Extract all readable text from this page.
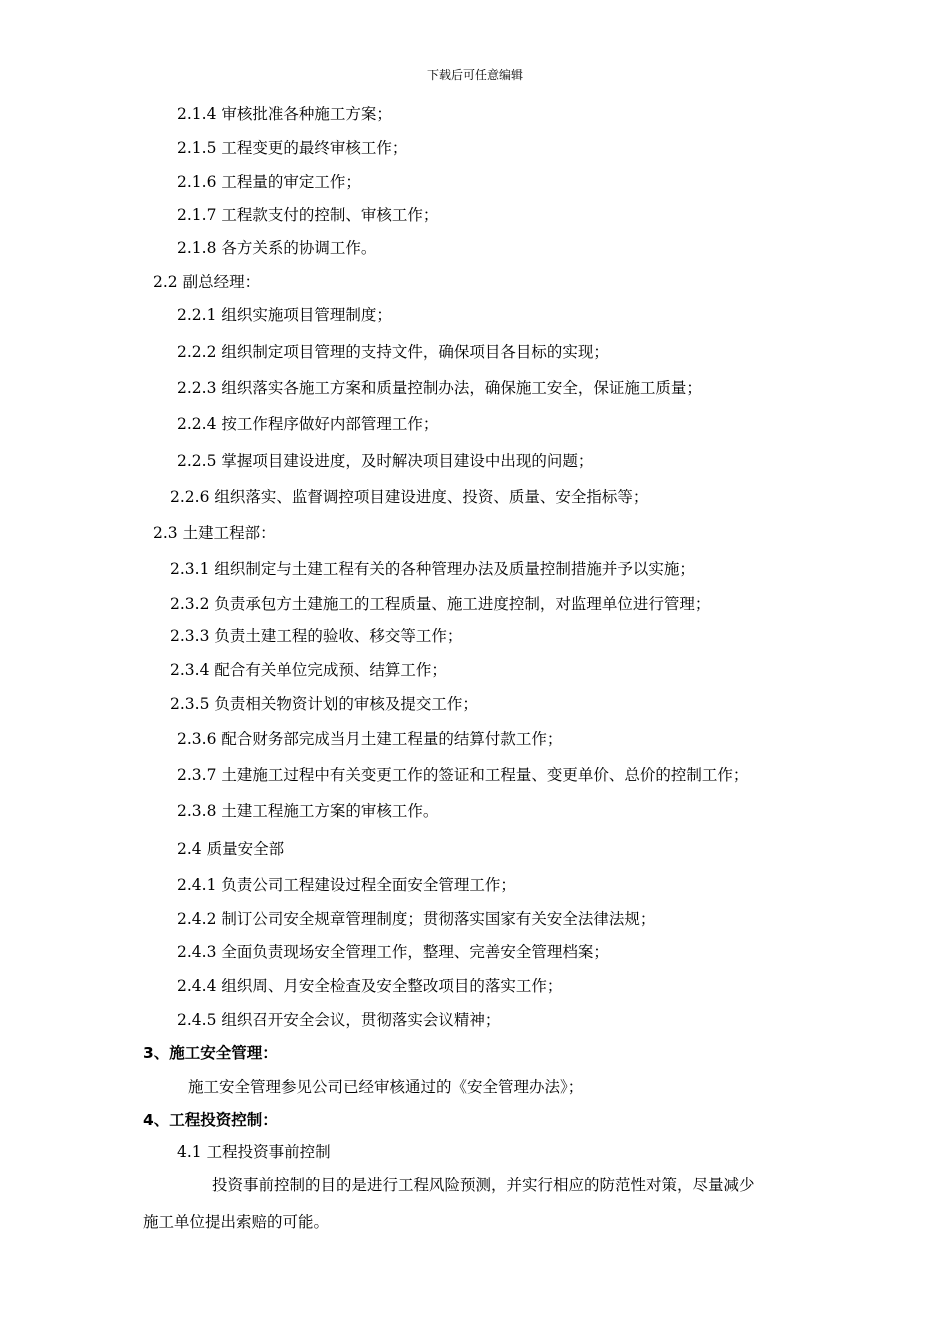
下载后可任意编辑
2.1.4 审核批准各种施工方案；
2.1.5 工程变更的最终审核工作；
2.1.6 工程量的审定工作；
2.1.7 工程款支付的控制、审核工作；
2.1.8 各方关系的协调工作。
2.2 副总经理：
2.2.1 组织实施项目管理制度；
2.2.2 组织制定项目管理的支持文件，确保项目各目标的实现；
2.2.3 组织落实各施工方案和质量控制办法，确保施工安全，保证施工质量；
2.2.4 按工作程序做好内部管理工作；
2.2.5 掌握项目建设进度，及时解决项目建设中出现的问题；
2.2.6 组织落实、监督调控项目建设进度、投资、质量、安全指标等；
2.3 土建工程部：
2.3.1 组织制定与土建工程有关的各种管理办法及质量控制措施并予以实施；
2.3.2 负责承包方土建施工的工程质量、施工进度控制，对监理单位进行管理；
2.3.3 负责土建工程的验收、移交等工作；
2.3.4 配合有关单位完成预、结算工作；
2.3.5 负责相关物资计划的审核及提交工作；
2.3.6 配合财务部完成当月土建工程量的结算付款工作；
2.3.7 土建施工过程中有关变更工作的签证和工程量、变更单价、总价的控制工作；
2.3.8 土建工程施工方案的审核工作。
2.4 质量安全部
2.4.1 负责公司工程建设过程全面安全管理工作；
2.4.2 制订公司安全规章管理制度；贯彻落实国家有关安全法律法规；
2.4.3 全面负责现场安全管理工作，整理、完善安全管理档案；
2.4.4 组织周、月安全检查及安全整改项目的落实工作；
2.4.5 组织召开安全会议，贯彻落实会议精神；
3、施工安全管理：
施工安全管理参见公司已经审核通过的《安全管理办法》；
4、工程投资控制：
4.1 工程投资事前控制
投资事前控制的目的是进行工程风险预测，并实行相应的防范性对策，尽量减少
施工单位提出索赔的可能。
